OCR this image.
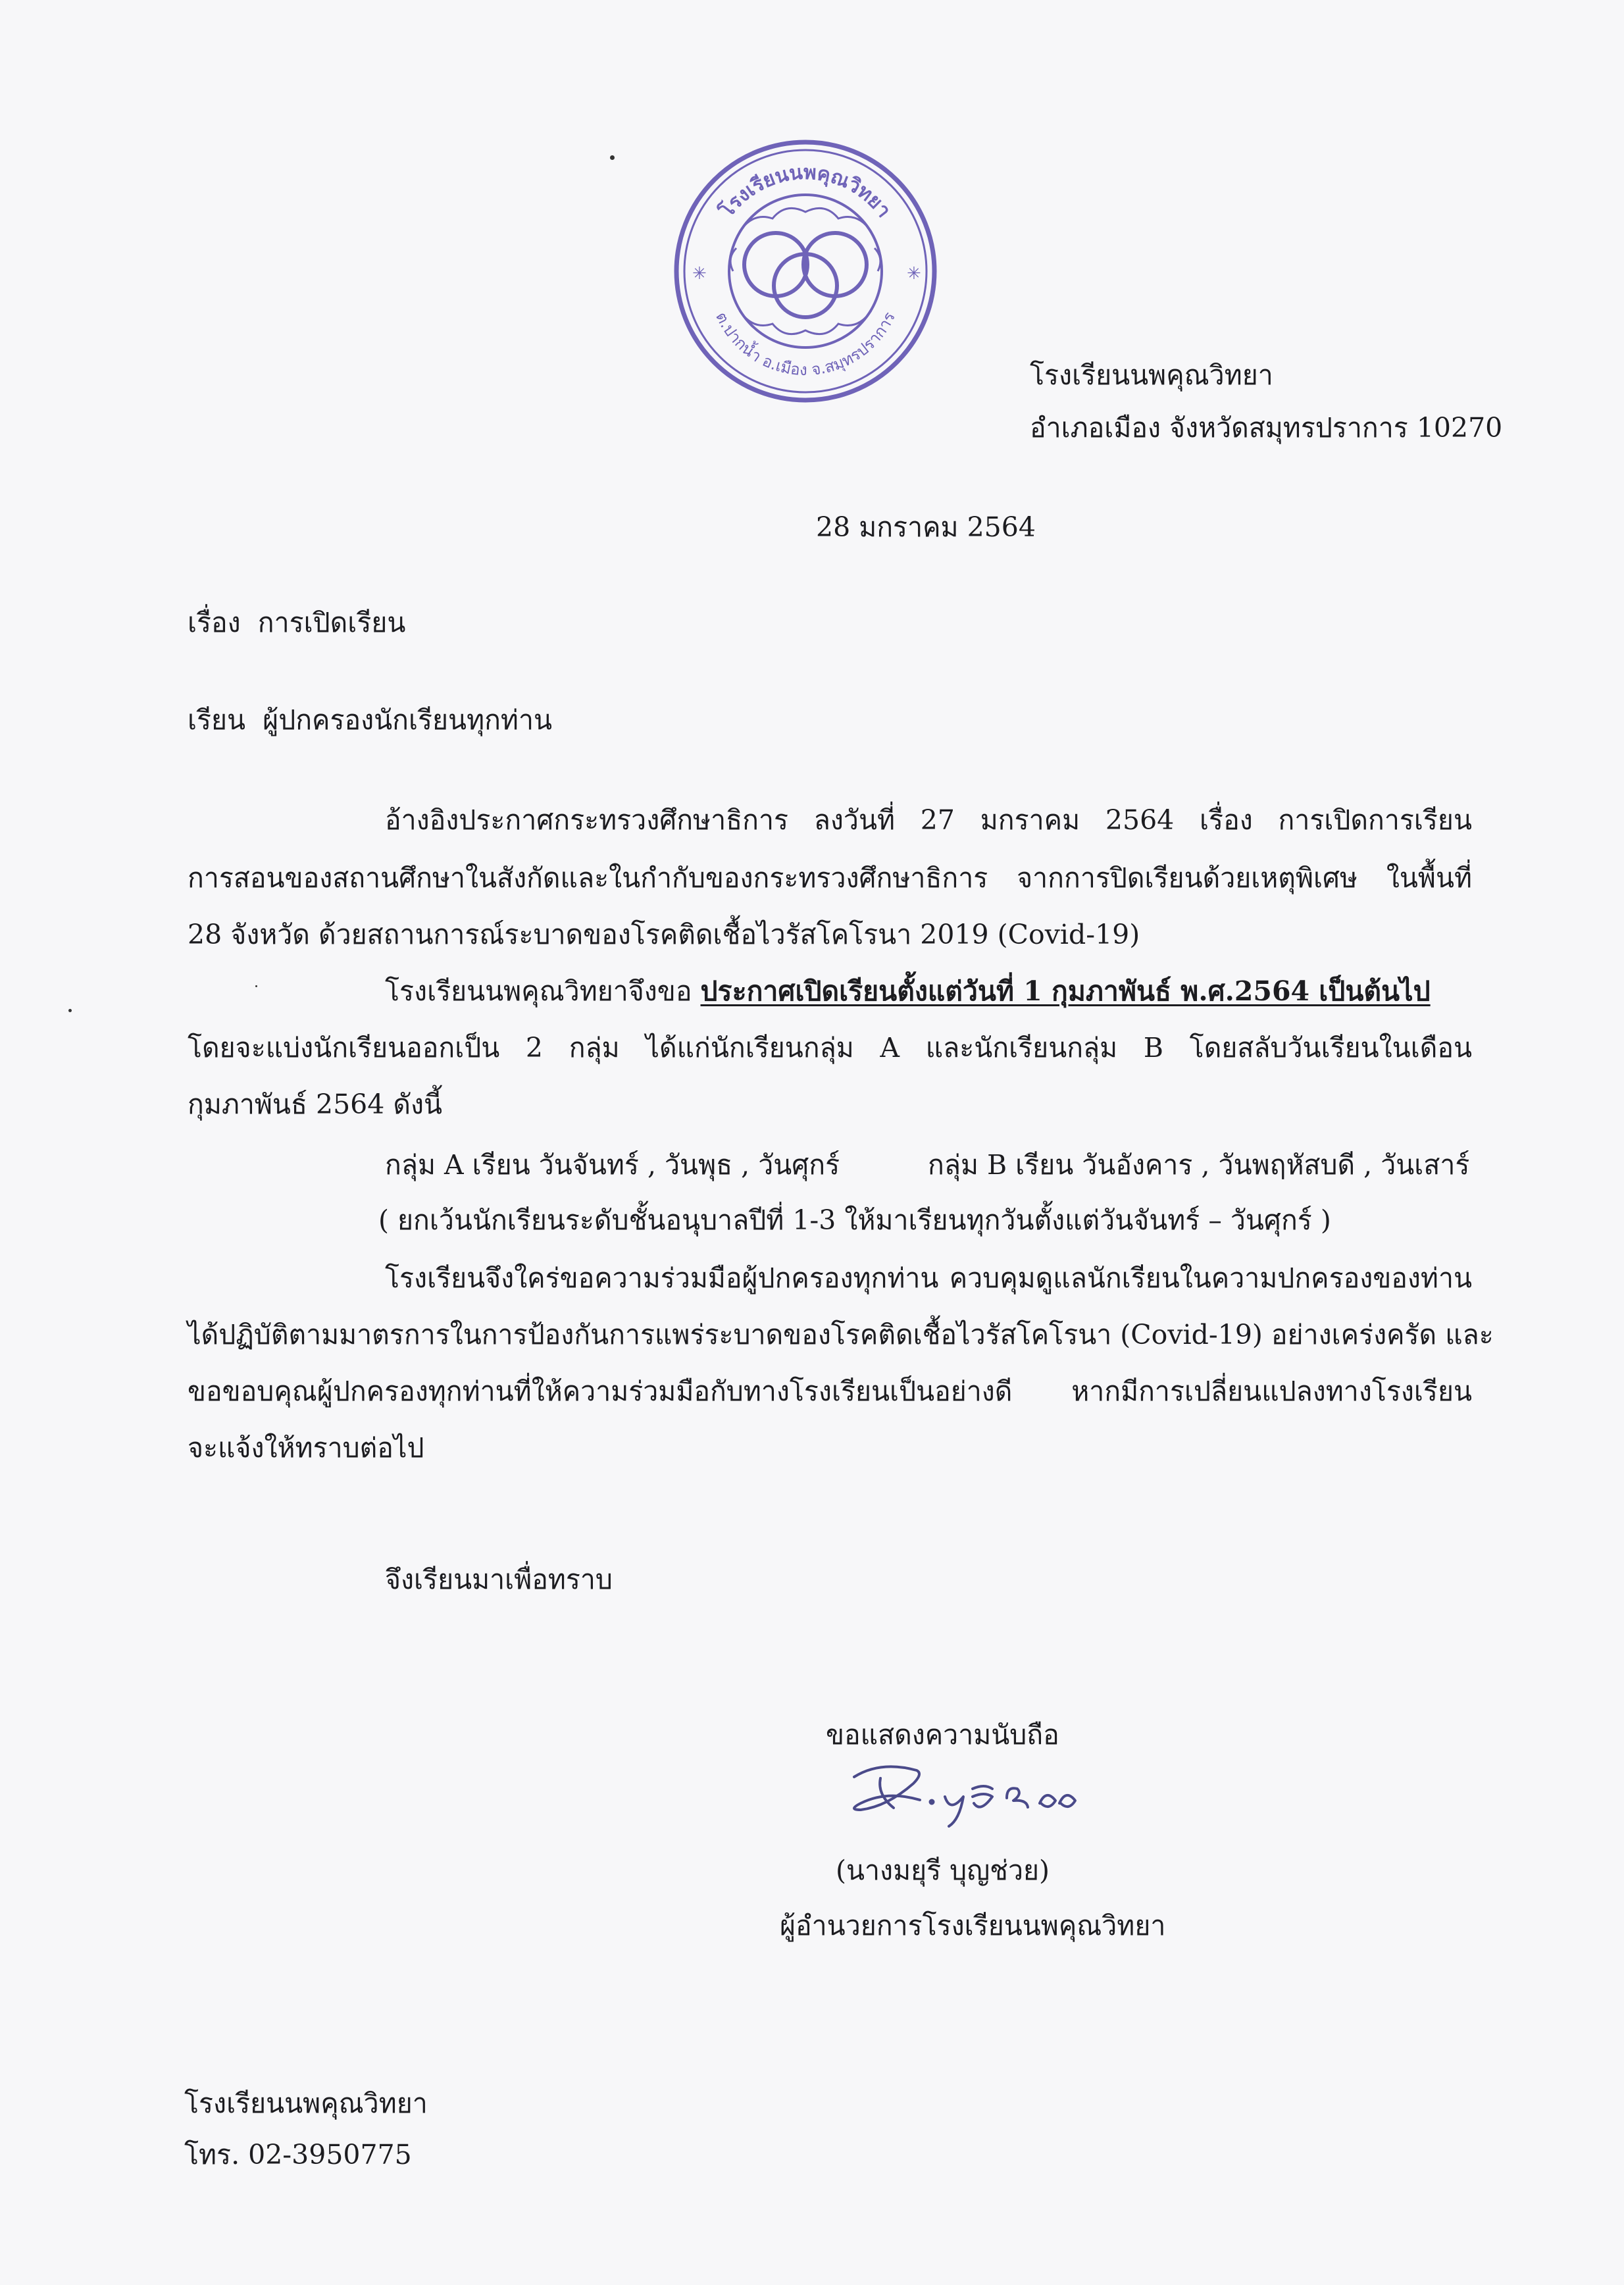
โรงเรียนนพคุณวิทยา
ต.ปากน้ำ อ.เมือง จ.สมุทรปราการ
✳	✳
โรงเรียนนพคุณวิทยา
อำเภอเมือง จังหวัดสมุทรปราการ 10270
28 มกราคม 2564
เรื่อง การเปิดเรียน
เรียน ผู้ปกครองนักเรียนทุกท่าน
อ้างอิงประกาศกระทรวงศึกษาธิการ ลงวันที่ 27 มกราคม 2564 เรื่อง การเปิดการเรียน
การสอนของสถานศึกษาในสังกัดและในกำกับของกระทรวงศึกษาธิการ จากการปิดเรียนด้วยเหตุพิเศษ ในพื้นที่
28 จังหวัด ด้วยสถานการณ์ระบาดของโรคติดเชื้อไวรัสโคโรนา 2019 (Covid-19)
โรงเรียนนพคุณวิทยาจึงขอ ประกาศเปิดเรียนตั้งแต่วันที่ 1 กุมภาพันธ์ พ.ศ.2564 เป็นต้นไป
โดยจะแบ่งนักเรียนออกเป็น 2 กลุ่ม ได้แก่นักเรียนกลุ่ม A และนักเรียนกลุ่ม B โดยสลับวันเรียนในเดือน
กุมภาพันธ์ 2564 ดังนี้
กลุ่ม A เรียน วันจันทร์ , วันพุธ , วันศุกร์	กลุ่ม B เรียน วันอังคาร , วันพฤหัสบดี , วันเสาร์
( ยกเว้นนักเรียนระดับชั้นอนุบาลปีที่ 1-3 ให้มาเรียนทุกวันตั้งแต่วันจันทร์ – วันศุกร์ )
โรงเรียนจึงใคร่ขอความร่วมมือผู้ปกครองทุกท่าน ควบคุมดูแลนักเรียนในความปกครองของท่าน
ได้ปฏิบัติตามมาตรการในการป้องกันการแพร่ระบาดของโรคติดเชื้อไวรัสโคโรนา (Covid-19) อย่างเคร่งครัด และ
ขอขอบคุณผู้ปกครองทุกท่านที่ให้ความร่วมมือกับทางโรงเรียนเป็นอย่างดี หากมีการเปลี่ยนแปลงทางโรงเรียน
จะแจ้งให้ทราบต่อไป
จึงเรียนมาเพื่อทราบ
ขอแสดงความนับถือ
(นางมยุรี บุญช่วย)
ผู้อำนวยการโรงเรียนนพคุณวิทยา
โรงเรียนนพคุณวิทยา
โทร. 02-3950775
